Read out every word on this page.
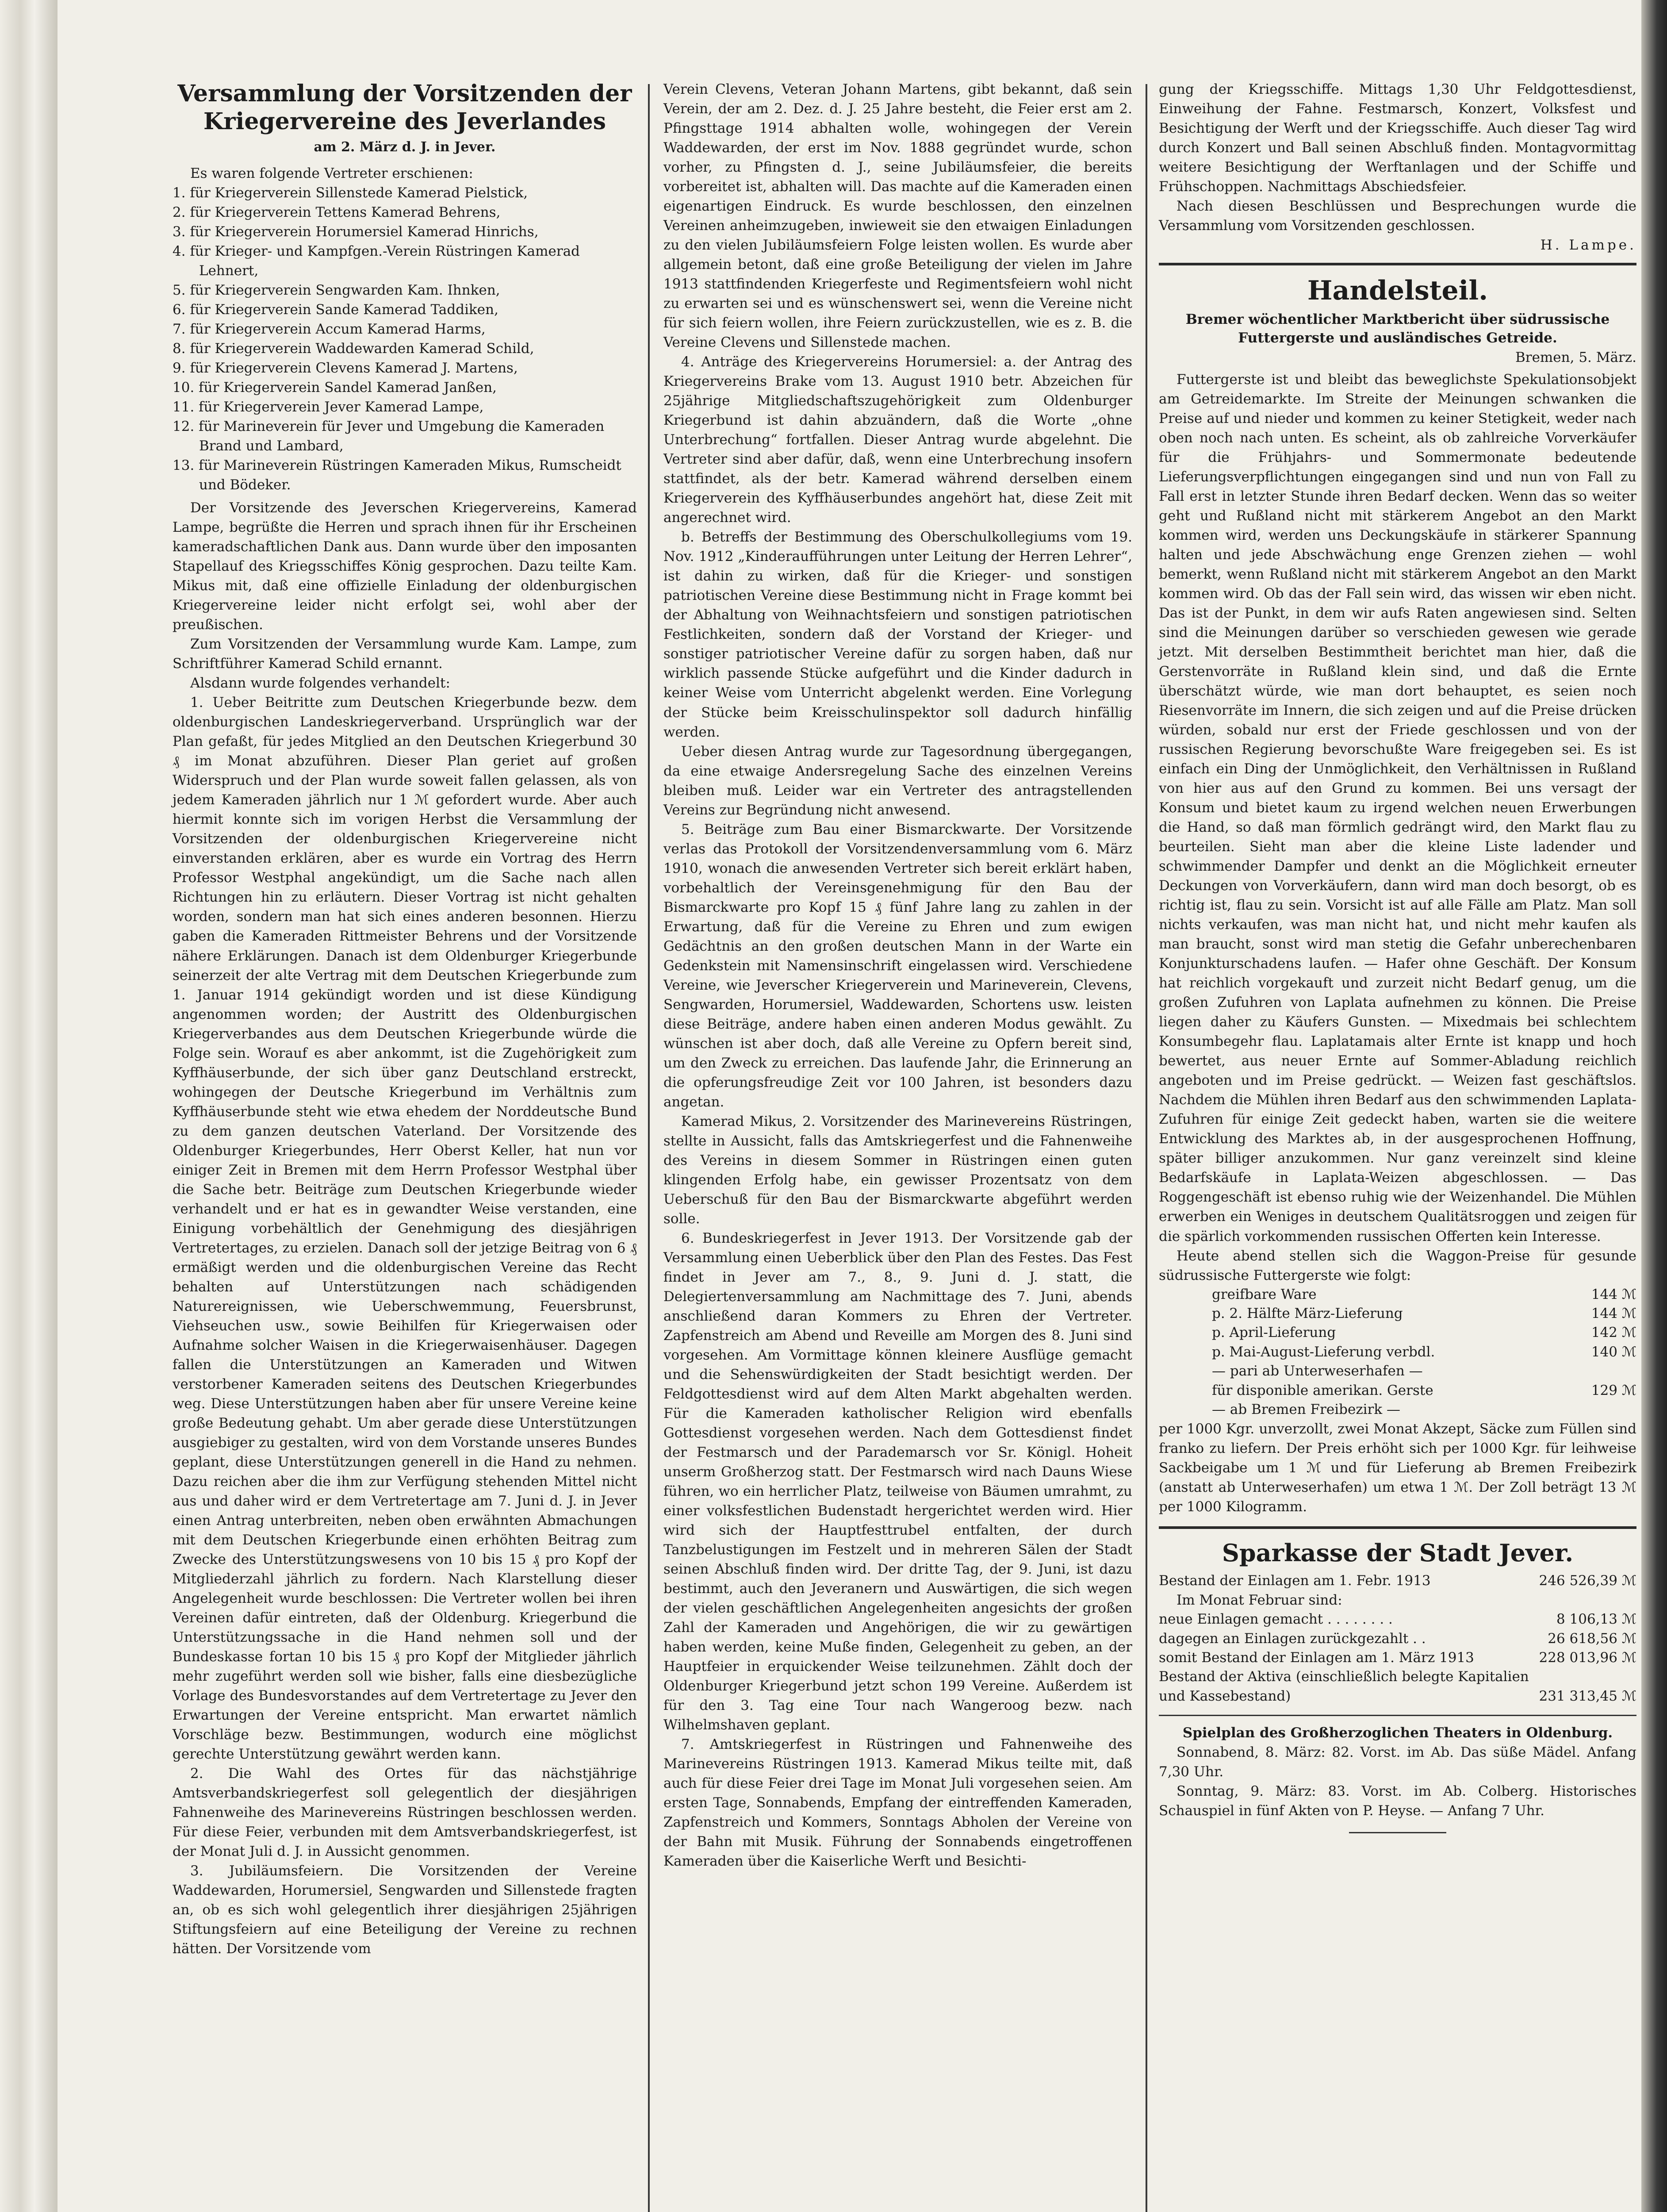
Versammlung der Vorsitzenden der Kriegervereine des Jeverlandes
am 2. März d. J. in Jever.

Es waren folgende Vertreter erschienen:

1. für Kriegerverein Sillenstede Kamerad Pielstick,
2. für Kriegerverein Tettens Kamerad Behrens,
3. für Kriegerverein Horumersiel Kamerad Hinrichs,
4. für Krieger- und Kampfgen.-Verein Rüstringen Kamerad Lehnert,
5. für Kriegerverein Sengwarden Kam. Ihnken,
6. für Kriegerverein Sande Kamerad Taddiken,
7. für Kriegerverein Accum Kamerad Harms,
8. für Kriegerverein Waddewarden Kamerad Schild,
9. für Kriegerverein Clevens Kamerad J. Martens,
10. für Kriegerverein Sandel Kamerad Janßen,
11. für Kriegerverein Jever Kamerad Lampe,
12. für Marineverein für Jever und Umgebung die Kameraden Brand und Lambard,
13. für Marineverein Rüstringen Kameraden Mikus, Rumscheidt und Bödeker.

Der Vorsitzende des Jeverschen Kriegervereins, Kamerad Lampe, begrüßte die Herren und sprach ihnen für ihr Erscheinen kameradschaftlichen Dank aus. Dann wurde über den imposanten Stapellauf des Kriegsschiffes König gesprochen. Dazu teilte Kam. Mikus mit, daß eine offizielle Einladung der oldenburgischen Kriegervereine leider nicht erfolgt sei, wohl aber der preußischen.

Zum Vorsitzenden der Versammlung wurde Kam. Lampe, zum Schriftführer Kamerad Schild ernannt.

Alsdann wurde folgendes verhandelt:

1. Ueber Beitritte zum Deutschen Kriegerbunde bezw. dem oldenburgischen Landeskriegerverband. Ursprünglich war der Plan gefaßt, für jedes Mitglied an den Deutschen Kriegerbund 30 ₰ im Monat abzuführen. Dieser Plan geriet auf großen Widerspruch und der Plan wurde soweit fallen gelassen, als von jedem Kameraden jährlich nur 1 ℳ gefordert wurde. Aber auch hiermit konnte sich im vorigen Herbst die Versammlung der Vorsitzenden der oldenburgischen Kriegervereine nicht einverstanden erklären, aber es wurde ein Vortrag des Herrn Professor Westphal angekündigt, um die Sache nach allen Richtungen hin zu erläutern. Dieser Vortrag ist nicht gehalten worden, sondern man hat sich eines anderen besonnen. Hierzu gaben die Kameraden Rittmeister Behrens und der Vorsitzende nähere Erklärungen. Danach ist dem Oldenburger Kriegerbunde seinerzeit der alte Vertrag mit dem Deutschen Kriegerbunde zum 1. Januar 1914 gekündigt worden und ist diese Kündigung angenommen worden; der Austritt des Oldenburgischen Kriegerverbandes aus dem Deutschen Kriegerbunde würde die Folge sein. Worauf es aber ankommt, ist die Zugehörigkeit zum Kyffhäuserbunde, der sich über ganz Deutschland erstreckt, wohingegen der Deutsche Kriegerbund im Verhältnis zum Kyffhäuserbunde steht wie etwa ehedem der Norddeutsche Bund zu dem ganzen deutschen Vaterland. Der Vorsitzende des Oldenburger Kriegerbundes, Herr Oberst Keller, hat nun vor einiger Zeit in Bremen mit dem Herrn Professor Westphal über die Sache betr. Beiträge zum Deutschen Kriegerbunde wieder verhandelt und er hat es in gewandter Weise verstanden, eine Einigung vorbehältlich der Genehmigung des diesjährigen Vertretertages, zu erzielen. Danach soll der jetzige Beitrag von 6 ₰ ermäßigt werden und die oldenburgischen Vereine das Recht behalten auf Unterstützungen nach schädigenden Naturereignissen, wie Ueberschwemmung, Feuersbrunst, Viehseuchen usw., sowie Beihilfen für Kriegerwaisen oder Aufnahme solcher Waisen in die Kriegerwaisenhäuser. Dagegen fallen die Unterstützungen an Kameraden und Witwen verstorbener Kameraden seitens des Deutschen Kriegerbundes weg. Diese Unterstützungen haben aber für unsere Vereine keine große Bedeutung gehabt. Um aber gerade diese Unterstützungen ausgiebiger zu gestalten, wird von dem Vorstande unseres Bundes geplant, diese Unterstützungen generell in die Hand zu nehmen. Dazu reichen aber die ihm zur Verfügung stehenden Mittel nicht aus und daher wird er dem Vertretertage am 7. Juni d. J. in Jever einen Antrag unterbreiten, neben oben erwähnten Abmachungen mit dem Deutschen Kriegerbunde einen erhöhten Beitrag zum Zwecke des Unterstützungswesens von 10 bis 15 ₰ pro Kopf der Mitgliederzahl jährlich zu fordern. Nach Klarstellung dieser Angelegenheit wurde beschlossen: Die Vertreter wollen bei ihren Vereinen dafür eintreten, daß der Oldenburg. Kriegerbund die Unterstützungssache in die Hand nehmen soll und der Bundeskasse fortan 10 bis 15 ₰ pro Kopf der Mitglieder jährlich mehr zugeführt werden soll wie bisher, falls eine diesbezügliche Vorlage des Bundesvorstandes auf dem Vertretertage zu Jever den Erwartungen der Vereine entspricht. Man erwartet nämlich Vorschläge bezw. Bestimmungen, wodurch eine möglichst gerechte Unterstützung gewährt werden kann.

2. Die Wahl des Ortes für das nächstjährige Amtsverbandskriegerfest soll gelegentlich der diesjährigen Fahnenweihe des Marinevereins Rüstringen beschlossen werden. Für diese Feier, verbunden mit dem Amtsverbandskriegerfest, ist der Monat Juli d. J. in Aussicht genommen.

3. Jubiläumsfeiern. Die Vorsitzenden der Vereine Waddewarden, Horumersiel, Sengwarden und Sillenstede fragten an, ob es sich wohl gelegentlich ihrer diesjährigen 25jährigen Stiftungsfeiern auf eine Beteiligung der Vereine zu rechnen hätten. Der Vorsitzende vom

Verein Clevens, Veteran Johann Martens, gibt bekannt, daß sein Verein, der am 2. Dez. d. J. 25 Jahre besteht, die Feier erst am 2. Pfingsttage 1914 abhalten wolle, wohingegen der Verein Waddewarden, der erst im Nov. 1888 gegründet wurde, schon vorher, zu Pfingsten d. J., seine Jubiläumsfeier, die bereits vorbereitet ist, abhalten will. Das machte auf die Kameraden einen eigenartigen Eindruck. Es wurde beschlossen, den einzelnen Vereinen anheimzugeben, inwieweit sie den etwaigen Einladungen zu den vielen Jubiläumsfeiern Folge leisten wollen. Es wurde aber allgemein betont, daß eine große Beteiligung der vielen im Jahre 1913 stattfindenden Kriegerfeste und Regimentsfeiern wohl nicht zu erwarten sei und es wünschenswert sei, wenn die Vereine nicht für sich feiern wollen, ihre Feiern zurückzustellen, wie es z. B. die Vereine Clevens und Sillenstede machen.

4. Anträge des Kriegervereins Horumersiel: a. der Antrag des Kriegervereins Brake vom 13. August 1910 betr. Abzeichen für 25jährige Mitgliedschaftszugehörigkeit zum Oldenburger Kriegerbund ist dahin abzuändern, daß die Worte „ohne Unterbrechung“ fortfallen. Dieser Antrag wurde abgelehnt. Die Vertreter sind aber dafür, daß, wenn eine Unterbrechung insofern stattfindet, als der betr. Kamerad während derselben einem Kriegerverein des Kyffhäuserbundes angehört hat, diese Zeit mit angerechnet wird.

b. Betreffs der Bestimmung des Oberschulkollegiums vom 19. Nov. 1912 „Kinderaufführungen unter Leitung der Herren Lehrer“, ist dahin zu wirken, daß für die Krieger- und sonstigen patriotischen Vereine diese Bestimmung nicht in Frage kommt bei der Abhaltung von Weihnachtsfeiern und sonstigen patriotischen Festlichkeiten, sondern daß der Vorstand der Krieger- und sonstiger patriotischer Vereine dafür zu sorgen haben, daß nur wirklich passende Stücke aufgeführt und die Kinder dadurch in keiner Weise vom Unterricht abgelenkt werden. Eine Vorlegung der Stücke beim Kreisschulinspektor soll dadurch hinfällig werden.

Ueber diesen Antrag wurde zur Tagesordnung übergegangen, da eine etwaige Andersregelung Sache des einzelnen Vereins bleiben muß. Leider war ein Vertreter des antragstellenden Vereins zur Begründung nicht anwesend.

5. Beiträge zum Bau einer Bismarckwarte. Der Vorsitzende verlas das Protokoll der Vorsitzendenversammlung vom 6. März 1910, wonach die anwesenden Vertreter sich bereit erklärt haben, vorbehaltlich der Vereinsgenehmigung für den Bau der Bismarckwarte pro Kopf 15 ₰ fünf Jahre lang zu zahlen in der Erwartung, daß für die Vereine zu Ehren und zum ewigen Gedächtnis an den großen deutschen Mann in der Warte ein Gedenkstein mit Namensinschrift eingelassen wird. Verschiedene Vereine, wie Jeverscher Kriegerverein und Marineverein, Clevens, Sengwarden, Horumersiel, Waddewarden, Schortens usw. leisten diese Beiträge, andere haben einen anderen Modus gewählt. Zu wünschen ist aber doch, daß alle Vereine zu Opfern bereit sind, um den Zweck zu erreichen. Das laufende Jahr, die Erinnerung an die opferungsfreudige Zeit vor 100 Jahren, ist besonders dazu angetan.

Kamerad Mikus, 2. Vorsitzender des Marinevereins Rüstringen, stellte in Aussicht, falls das Amtskriegerfest und die Fahnenweihe des Vereins in diesem Sommer in Rüstringen einen guten klingenden Erfolg habe, ein gewisser Prozentsatz von dem Ueberschuß für den Bau der Bismarckwarte abgeführt werden solle.

6. Bundeskriegerfest in Jever 1913. Der Vorsitzende gab der Versammlung einen Ueberblick über den Plan des Festes. Das Fest findet in Jever am 7., 8., 9. Juni d. J. statt, die Delegiertenversammlung am Nachmittage des 7. Juni, abends anschließend daran Kommers zu Ehren der Vertreter. Zapfenstreich am Abend und Reveille am Morgen des 8. Juni sind vorgesehen. Am Vormittage können kleinere Ausflüge gemacht und die Sehenswürdigkeiten der Stadt besichtigt werden. Der Feldgottesdienst wird auf dem Alten Markt abgehalten werden. Für die Kameraden katholischer Religion wird ebenfalls Gottesdienst vorgesehen werden. Nach dem Gottesdienst findet der Festmarsch und der Parademarsch vor Sr. Königl. Hoheit unserm Großherzog statt. Der Festmarsch wird nach Dauns Wiese führen, wo ein herrlicher Platz, teilweise von Bäumen umrahmt, zu einer volksfestlichen Budenstadt hergerichtet werden wird. Hier wird sich der Hauptfesttrubel entfalten, der durch Tanzbelustigungen im Festzelt und in mehreren Sälen der Stadt seinen Abschluß finden wird. Der dritte Tag, der 9. Juni, ist dazu bestimmt, auch den Jeveranern und Auswärtigen, die sich wegen der vielen geschäftlichen Angelegenheiten angesichts der großen Zahl der Kameraden und Angehörigen, die wir zu gewärtigen haben werden, keine Muße finden, Gelegenheit zu geben, an der Hauptfeier in erquickender Weise teilzunehmen. Zählt doch der Oldenburger Kriegerbund jetzt schon 199 Vereine. Außerdem ist für den 3. Tag eine Tour nach Wangeroog bezw. nach Wilhelmshaven geplant.

7. Amtskriegerfest in Rüstringen und Fahnenweihe des Marinevereins Rüstringen 1913. Kamerad Mikus teilte mit, daß auch für diese Feier drei Tage im Monat Juli vorgesehen seien. Am ersten Tage, Sonnabends, Empfang der eintreffenden Kameraden, Zapfenstreich und Kommers, Sonntags Abholen der Vereine von der Bahn mit Musik. Führung der Sonnabends eingetroffenen Kameraden über die Kaiserliche Werft und Besichti-

gung der Kriegsschiffe. Mittags 1,30 Uhr Feldgottesdienst, Einweihung der Fahne. Festmarsch, Konzert, Volksfest und Besichtigung der Werft und der Kriegsschiffe. Auch dieser Tag wird durch Konzert und Ball seinen Abschluß finden. Montagvormittag weitere Besichtigung der Werftanlagen und der Schiffe und Frühschoppen. Nachmittags Abschiedsfeier.

Nach diesen Beschlüssen und Besprechungen wurde die Versammlung vom Vorsitzenden geschlossen.

H. Lampe.
Handelsteil.
Bremer wöchentlicher Marktbericht über südrussische Futtergerste und ausländisches Getreide.
Bremen, 5. März.

Futtergerste ist und bleibt das beweglichste Spekulationsobjekt am Getreidemarkte. Im Streite der Meinungen schwanken die Preise auf und nieder und kommen zu keiner Stetigkeit, weder nach oben noch nach unten. Es scheint, als ob zahlreiche Vorverkäufer für die Frühjahrs- und Sommermonate bedeutende Lieferungsverpflichtungen eingegangen sind und nun von Fall zu Fall erst in letzter Stunde ihren Bedarf decken. Wenn das so weiter geht und Rußland nicht mit stärkerem Angebot an den Markt kommen wird, werden uns Deckungskäufe in stärkerer Spannung halten und jede Abschwächung enge Grenzen ziehen — wohl bemerkt, wenn Rußland nicht mit stärkerem Angebot an den Markt kommen wird. Ob das der Fall sein wird, das wissen wir eben nicht. Das ist der Punkt, in dem wir aufs Raten angewiesen sind. Selten sind die Meinungen darüber so verschieden gewesen wie gerade jetzt. Mit derselben Bestimmtheit berichtet man hier, daß die Gerstenvorräte in Rußland klein sind, und daß die Ernte überschätzt würde, wie man dort behauptet, es seien noch Riesenvorräte im Innern, die sich zeigen und auf die Preise drücken würden, sobald nur erst der Friede geschlossen und von der russischen Regierung bevorschußte Ware freigegeben sei. Es ist einfach ein Ding der Unmöglichkeit, den Verhältnissen in Rußland von hier aus auf den Grund zu kommen. Bei uns versagt der Konsum und bietet kaum zu irgend welchen neuen Erwerbungen die Hand, so daß man förmlich gedrängt wird, den Markt flau zu beurteilen. Sieht man aber die kleine Liste ladender und schwimmender Dampfer und denkt an die Möglichkeit erneuter Deckungen von Vorverkäufern, dann wird man doch besorgt, ob es richtig ist, flau zu sein. Vorsicht ist auf alle Fälle am Platz. Man soll nichts verkaufen, was man nicht hat, und nicht mehr kaufen als man braucht, sonst wird man stetig die Gefahr unberechenbaren Konjunkturschadens laufen. — Hafer ohne Geschäft. Der Konsum hat reichlich vorgekauft und zurzeit nicht Bedarf genug, um die großen Zufuhren von Laplata aufnehmen zu können. Die Preise liegen daher zu Käufers Gunsten. — Mixedmais bei schlechtem Konsumbegehr flau. Laplatamais alter Ernte ist knapp und hoch bewertet, aus neuer Ernte auf Sommer-Abladung reichlich angeboten und im Preise gedrückt. — Weizen fast geschäftslos. Nachdem die Mühlen ihren Bedarf aus den schwimmenden Laplata-Zufuhren für einige Zeit gedeckt haben, warten sie die weitere Entwicklung des Marktes ab, in der ausgesprochenen Hoffnung, später billiger anzukommen. Nur ganz vereinzelt sind kleine Bedarfskäufe in Laplata-Weizen abgeschlossen. — Das Roggengeschäft ist ebenso ruhig wie der Weizenhandel. Die Mühlen erwerben ein Weniges in deutschem Qualitätsroggen und zeigen für die spärlich vorkommenden russischen Offerten kein Interesse.

Heute abend stellen sich die Waggon-Preise für gesunde südrussische Futtergerste wie folgt:

greifbare Ware	144 ℳ
p. 2. Hälfte März-Lieferung	144 ℳ
p. April-Lieferung	142 ℳ
p. Mai-August-Lieferung verbdl.	140 ℳ
— pari ab Unterweserhafen —	
für disponible amerikan. Gerste	129 ℳ
— ab Bremen Freibezirk —	

per 1000 Kgr. unverzollt, zwei Monat Akzept, Säcke zum Füllen sind franko zu liefern. Der Preis erhöht sich per 1000 Kgr. für leihweise Sackbeigabe um 1 ℳ und für Lieferung ab Bremen Freibezirk (anstatt ab Unterweserhafen) um etwa 1 ℳ. Der Zoll beträgt 13 ℳ per 1000 Kilogramm.

Sparkasse der Stadt Jever.
Bestand der Einlagen am 1. Febr. 1913	246 526,39 ℳ
Im Monat Februar sind:	
neue Einlagen gemacht . . . . . . . .	8 106,13 ℳ
dagegen an Einlagen zurückgezahlt . .	26 618,56 ℳ
somit Bestand der Einlagen am 1. März 1913	228 013,96 ℳ
Bestand der Aktiva (einschließlich belegte Kapitalien und Kassebestand)	231 313,45 ℳ
Spielplan des Großherzoglichen Theaters in Oldenburg.

Sonnabend, 8. März: 82. Vorst. im Ab. Das süße Mädel. Anfang 7,30 Uhr.

Sonntag, 9. März: 83. Vorst. im Ab. Colberg. Historisches Schauspiel in fünf Akten von P. Heyse. — Anfang 7 Uhr.
